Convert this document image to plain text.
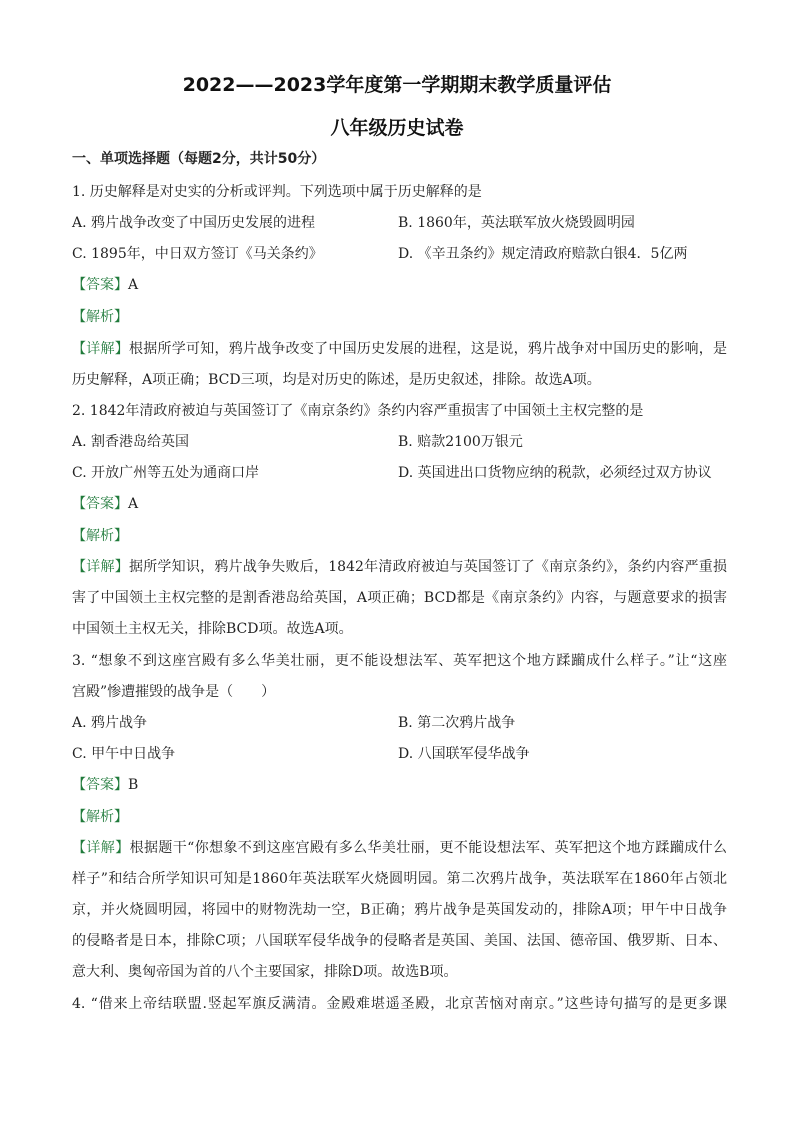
2022——2023学年度第一学期期末教学质量评估
八年级历史试卷
一、单项选择题（每题2分，共计50分）
1. 历史解释是对史实的分析或评判。下列选项中属于历史解释的是
A. 鸦片战争改变了中国历史发展的进程	B. 1860年，英法联军放火烧毁圆明园
C. 1895年，中日双方签订《马关条约》	D. 《辛丑条约》规定清政府赔款白银4．5亿两
【答案】A
【解析】
【详解】根据所学可知，鸦片战争改变了中国历史发展的进程，这是说，鸦片战争对中国历史的影响，是
历史解释，A项正确；BCD三项，均是对历史的陈述，是历史叙述，排除。故选A项。
2. 1842年清政府被迫与英国签订了《南京条约》条约内容严重损害了中国领土主权完整的是
A. 割香港岛给英国	B. 赔款2100万银元
C. 开放广州等五处为通商口岸	D. 英国进出口货物应纳的税款，必须经过双方协议
【答案】A
【解析】
【详解】据所学知识，鸦片战争失败后，1842年清政府被迫与英国签订了《南京条约》，条约内容严重损
害了中国领土主权完整的是割香港岛给英国，A项正确；BCD都是《南京条约》内容，与题意要求的损害
中国领土主权无关，排除BCD项。故选A项。
3. “想象不到这座宫殿有多么华美壮丽，更不能设想法军、英军把这个地方蹂躏成什么样子。”让“这座
宫殿”惨遭摧毁的战争是（　　）
A. 鸦片战争	B. 第二次鸦片战争
C. 甲午中日战争	D. 八国联军侵华战争
【答案】B
【解析】
【详解】根据题干“你想象不到这座宫殿有多么华美壮丽，更不能设想法军、英军把这个地方蹂躏成什么
样子”和结合所学知识可知是1860年英法联军火烧圆明园。第二次鸦片战争，英法联军在1860年占领北
京，并火烧圆明园，将园中的财物洗劫一空，B正确；鸦片战争是英国发动的，排除A项；甲午中日战争
的侵略者是日本，排除C项；八国联军侵华战争的侵略者是英国、美国、法国、德帝国、俄罗斯、日本、
意大利、奥匈帝国为首的八个主要国家，排除D项。故选B项。
4. “借来上帝结联盟.竖起军旗反满清。金殿难堪遥圣殿，北京苦恼对南京。”这些诗句描写的是更多课
